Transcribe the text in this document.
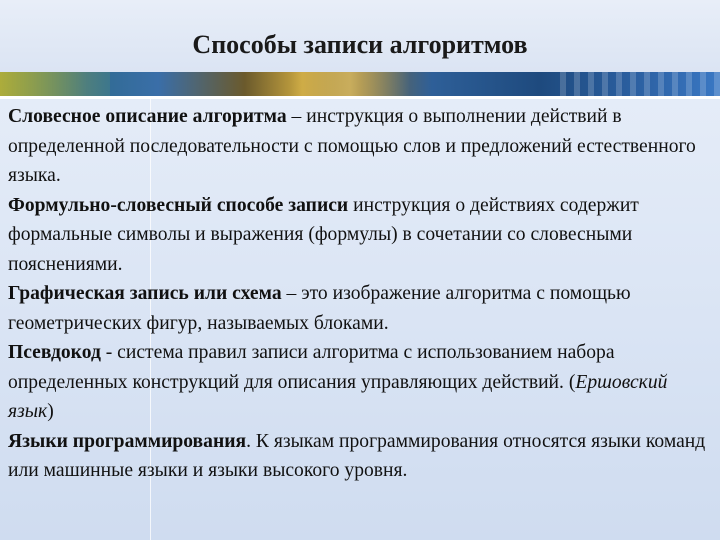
Способы записи алгоритмов

Словесное описание алгоритма – инструкция о выполнении действий в определенной последовательности с помощью слов и предложений естественного языка.

Формульно-словесный способе записи инструкция о действиях содержит формальные символы и выражения (формулы) в сочетании со словесными пояснениями.

Графическая запись или схема – это изображение алгоритма с помощью геометрических фигур, называемых блоками.

Псевдокод - система правил записи алгоритма с использованием набора определенных конструкций для описания управляющих действий. (Ершовский язык)

Языки программирования. К языкам программирования относятся языки команд или машинные языки и языки высокого уровня.
